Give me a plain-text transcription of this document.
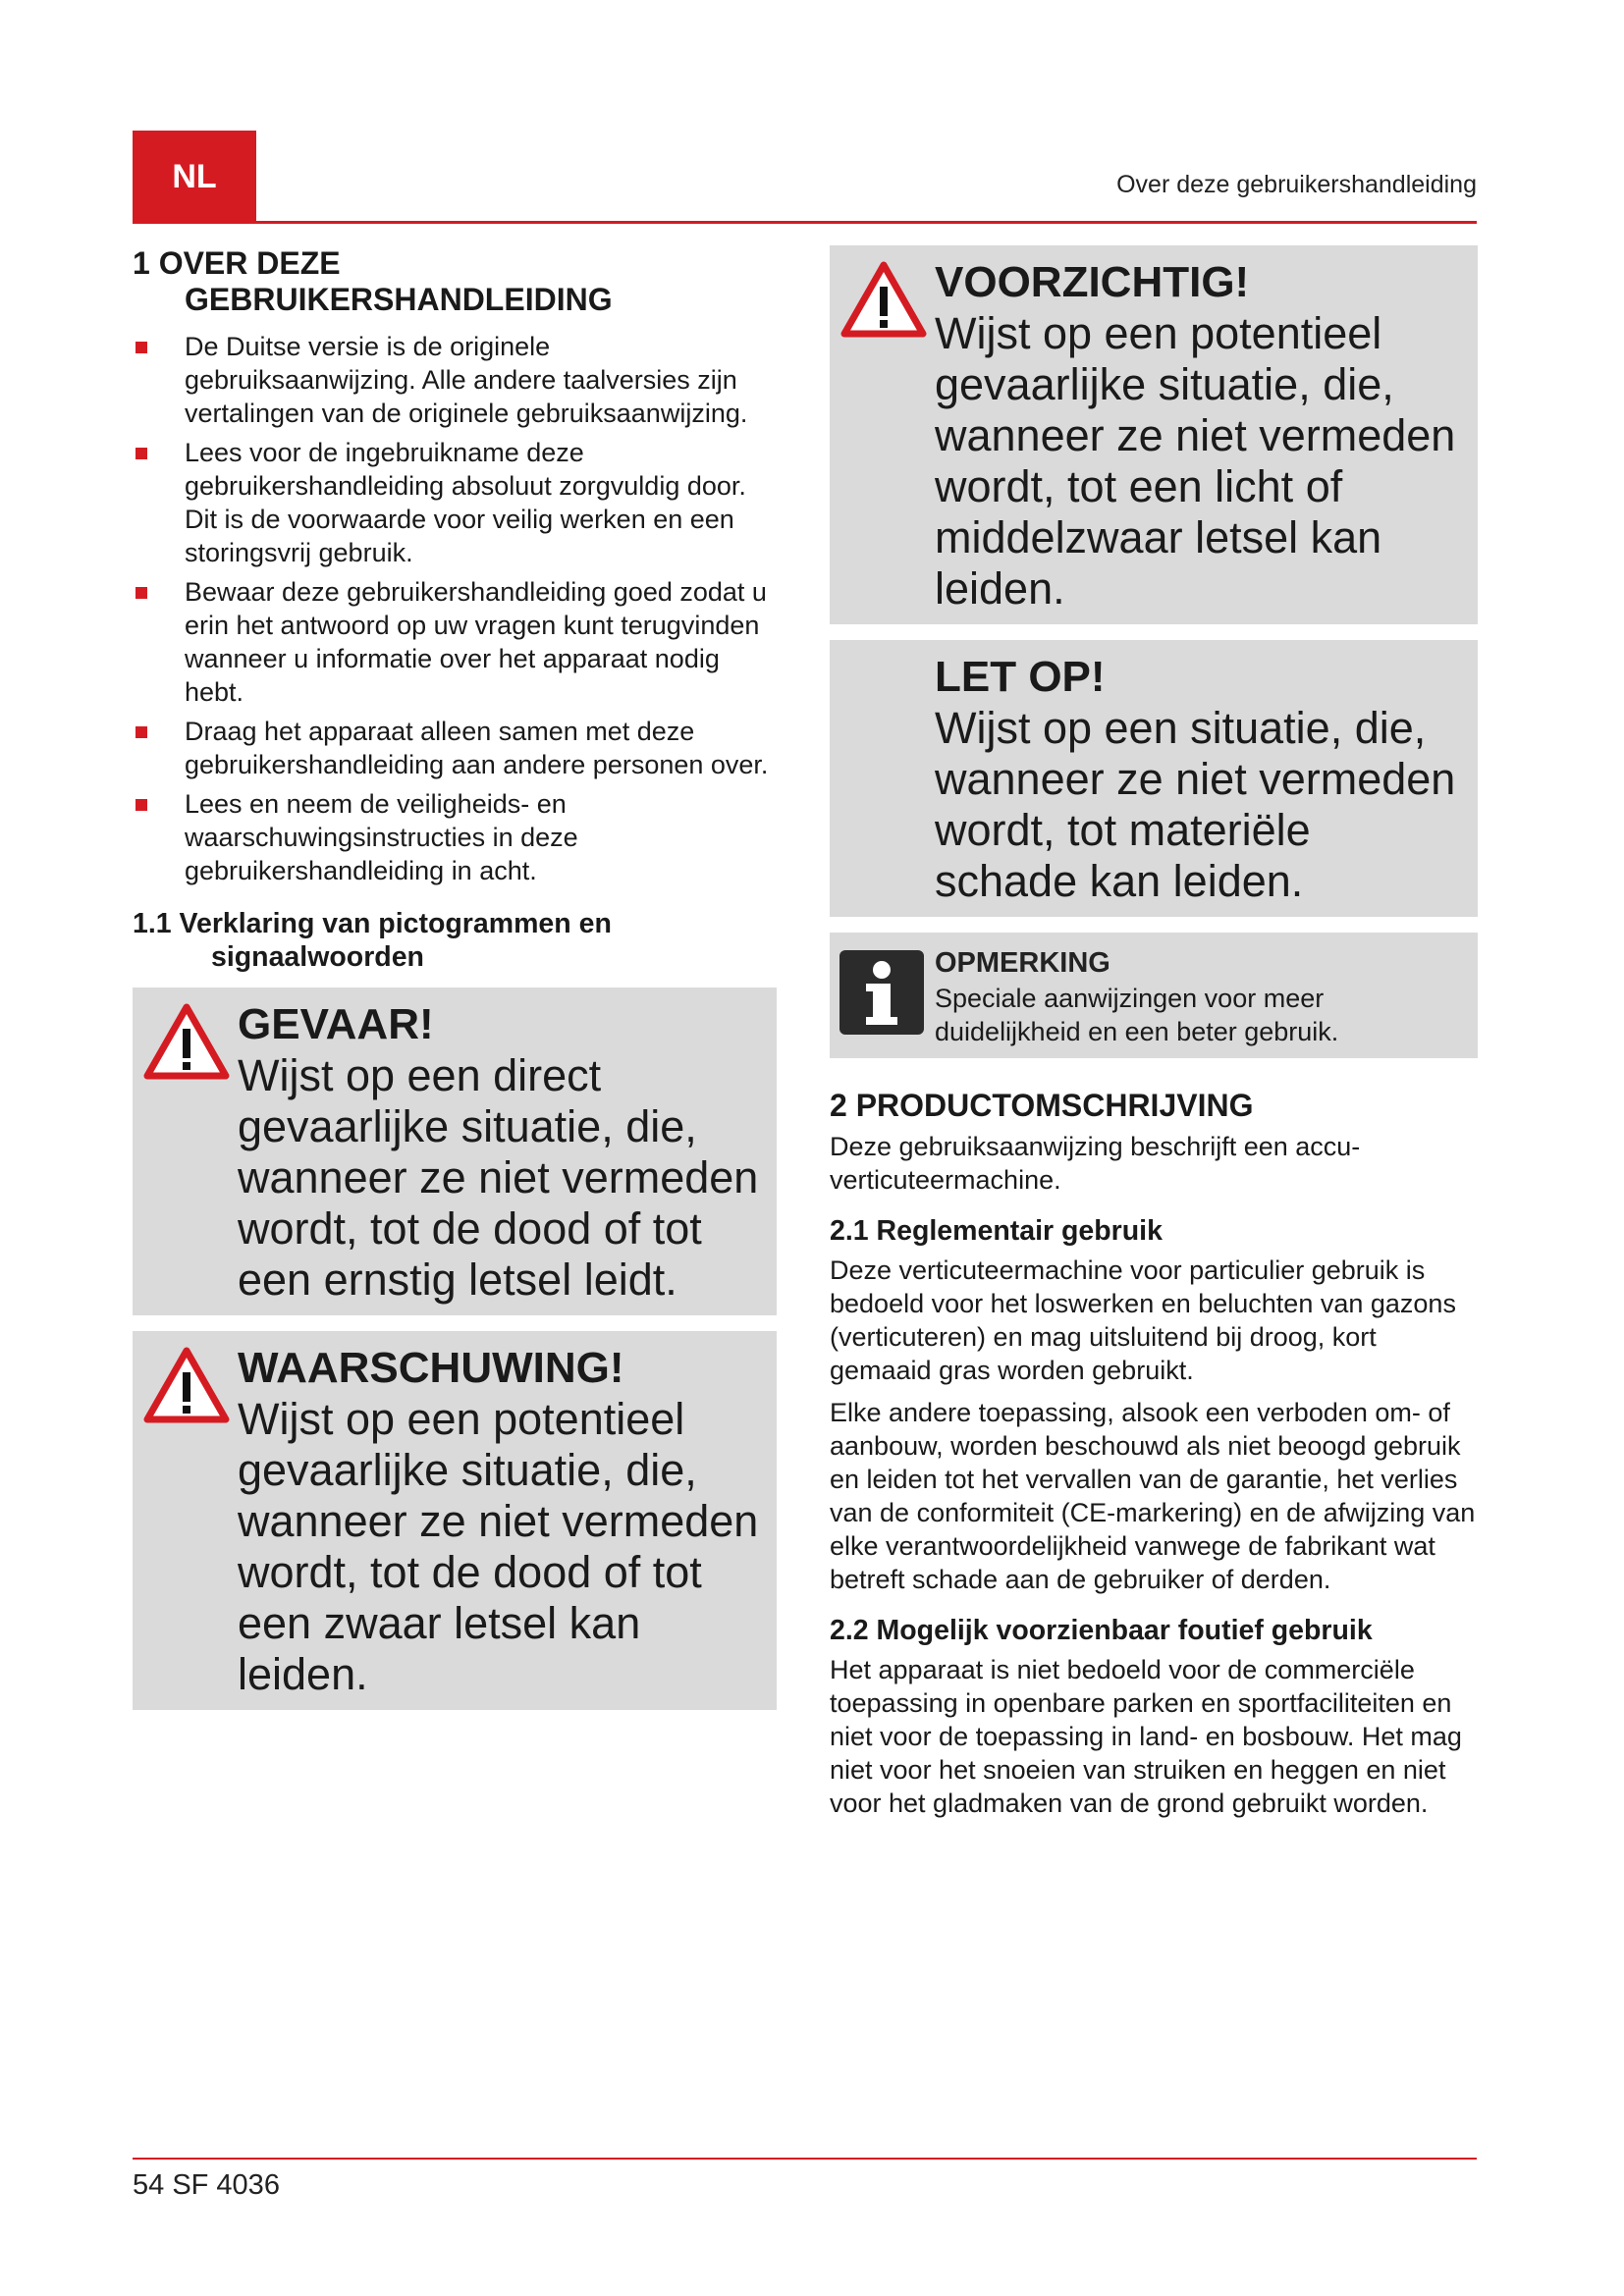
NL	Over deze gebruikershandleiding
1 OVER DEZE GEBRUIKERSHANDLEIDING
De Duitse versie is de originele gebruiksaanwijzing. Alle andere taalversies zijn vertalingen van de originele gebruiksaanwijzing.
Lees voor de ingebruikname deze gebruikershandleiding absoluut zorgvuldig door. Dit is de voorwaarde voor veilig werken en een storingsvrij gebruik.
Bewaar deze gebruikershandleiding goed zodat u erin het antwoord op uw vragen kunt terugvinden wanneer u informatie over het apparaat nodig hebt.
Draag het apparaat alleen samen met deze gebruikershandleiding aan andere personen over.
Lees en neem de veiligheids- en waarschuwingsinstructies in deze gebruikershandleiding in acht.
1.1 Verklaring van pictogrammen en signaalwoorden
GEVAAR!
Wijst op een direct gevaarlijke situatie, die, wanneer ze niet vermeden wordt, tot de dood of tot een ernstig letsel leidt.
WAARSCHUWING!
Wijst op een potentieel gevaarlijke situatie, die, wanneer ze niet vermeden wordt, tot de dood of tot een zwaar letsel kan leiden.
VOORZICHTIG!
Wijst op een potentieel gevaarlijke situatie, die, wanneer ze niet vermeden wordt, tot een licht of middelzwaar letsel kan leiden.
LET OP!
Wijst op een situatie, die, wanneer ze niet vermeden wordt, tot materiële schade kan leiden.
OPMERKING
Speciale aanwijzingen voor meer duidelijkheid en een beter gebruik.
2 PRODUCTOMSCHRIJVING

Deze gebruiksaanwijzing beschrijft een accu-verticuteermachine.

2.1 Reglementair gebruik

Deze verticuteermachine voor particulier gebruik is bedoeld voor het loswerken en beluchten van gazons (verticuteren) en mag uitsluitend bij droog, kort gemaaid gras worden gebruikt.

Elke andere toepassing, alsook een verboden om- of aanbouw, worden beschouwd als niet beoogd gebruik en leiden tot het vervallen van de garantie, het verlies van de conformiteit (CE-markering) en de afwijzing van elke verantwoordelijkheid vanwege de fabrikant wat betreft schade aan de gebruiker of derden.

2.2 Mogelijk voorzienbaar foutief gebruik

Het apparaat is niet bedoeld voor de commerciële toepassing in openbare parken en sportfaciliteiten en niet voor de toepassing in land- en bosbouw. Het mag niet voor het snoeien van struiken en heggen en niet voor het gladmaken van de grond gebruikt worden.

54 SF 4036
